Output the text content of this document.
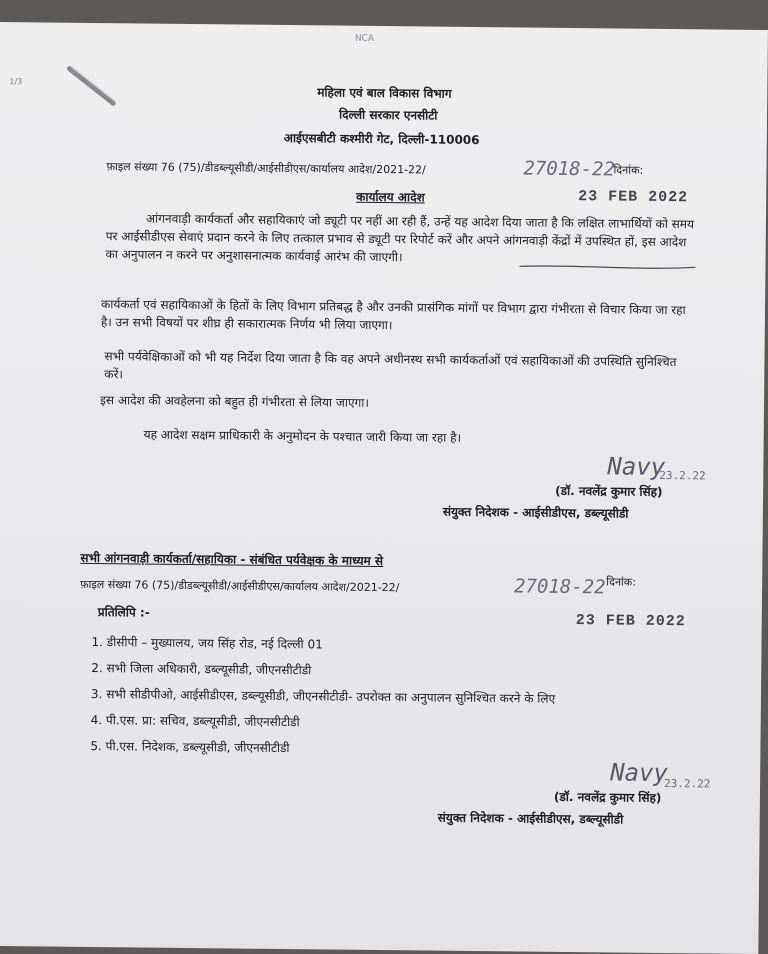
NCA
1/3
महिला एवं बाल विकास विभाग
दिल्ली सरकार एनसीटी
आईएसबीटी कश्मीरी गेट, दिल्ली-110006
फ़ाइल संख्या 76 (75)/डीडब्ल्यूसीडी/आईसीडीएस/कार्यालय आदेश/2021-22/	27018-22
दिनांक:
23 FEB 2022
कार्यालय आदेश
आंगनवाड़ी कार्यकर्ता और सहायिकाएं जो ड्यूटी पर नहीं आ रही हैं, उन्हें यह आदेश दिया जाता है कि लक्षित लाभार्थियों को समय पर आईसीडीएस सेवाएं प्रदान करने के लिए तत्काल प्रभाव से ड्यूटी पर रिपोर्ट करें और अपने आंगनवाड़ी केंद्रों में उपस्थित हों, इस आदेश का अनुपालन न करने पर अनुशासनात्मक कार्यवाई आरंभ की जाएगी।
कार्यकर्ता एवं सहायिकाओं के हितों के लिए विभाग प्रतिबद्ध है और उनकी प्रासंगिक मांगों पर विभाग द्वारा गंभीरता से विचार किया जा रहा है। उन सभी विषयों पर शीघ्र ही सकारात्मक निर्णय भी लिया जाएगा।
सभी पर्यवेक्षिकाओं को भी यह निर्देश दिया जाता है कि वह अपने अधीनस्थ सभी कार्यकर्ताओं एवं सहायिकाओं की उपस्थिति सुनिश्चित करें।
इस आदेश की अवहेलना को बहुत ही गंभीरता से लिया जाएगा।
यह आदेश सक्षम प्राधिकारी के अनुमोदन के पश्चात जारी किया जा रहा है।
Navy
23.2.22
(डॉ. नवलेंद्र कुमार सिंह)
संयुक्त निदेशक - आईसीडीएस, डब्ल्यूसीडी
सभी आंगनवाड़ी कार्यकर्ता/सहायिका - संबंधित पर्यवेक्षक के माध्यम से
फ़ाइल संख्या 76 (75)/डीडब्ल्यूसीडी/आईसीडीएस/कार्यालय आदेश/2021-22/	27018-22 दिनांक:
23 FEB 2022
प्रतिलिपि :-
1. डीसीपी – मुख्यालय, जय सिंह रोड, नई दिल्ली 01
2. सभी जिला अधिकारी, डब्ल्यूसीडी, जीएनसीटीडी
3. सभी सीडीपीओ, आईसीडीएस, डब्ल्यूसीडी, जीएनसीटीडी- उपरोक्त का अनुपालन सुनिश्चित करने के लिए
4. पी.एस. प्रा: सचिव, डब्ल्यूसीडी, जीएनसीटीडी
5. पी.एस. निदेशक, डब्ल्यूसीडी, जीएनसीटीडी
Navy
23.2.22
(डॉ. नवलेंद्र कुमार सिंह)
संयुक्त निदेशक - आईसीडीएस, डब्ल्यूसीडी
